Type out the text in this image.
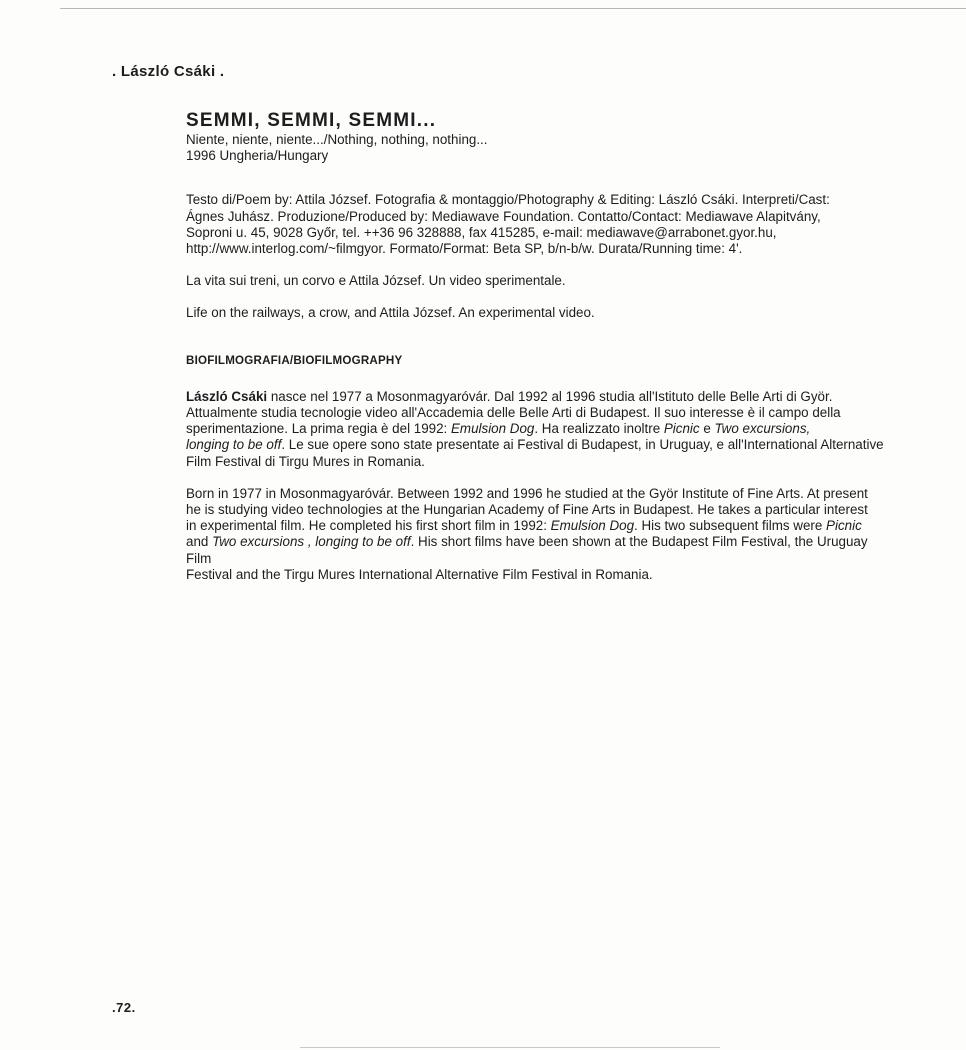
. László Csáki .
SEMMI, SEMMI, SEMMI...
Niente, niente, niente.../Nothing, nothing, nothing...
1996 Ungheria/Hungary
Testo di/Poem by: Attila József. Fotografia & montaggio/Photography & Editing: László Csáki. Interpreti/Cast:
Ágnes Juhász. Produzione/Produced by: Mediawave Foundation. Contatto/Contact: Mediawave Alapitvány,
Soproni u. 45, 9028 Győr, tel. ++36 96 328888, fax 415285, e-mail: mediawave@arrabonet.gyor.hu,
http://www.interlog.com/~filmgyor. Formato/Format: Beta SP, b/n-b/w. Durata/Running time: 4'.
La vita sui treni, un corvo e Attila József. Un video sperimentale.
Life on the railways, a crow, and Attila József. An experimental video.
BIOFILMOGRAFIA/BIOFILMOGRAPHY
László Csáki nasce nel 1977 a Mosonmagyaróvár. Dal 1992 al 1996 studia all'Istituto delle Belle Arti di Györ.
Attualmente studia tecnologie video all'Accademia delle Belle Arti di Budapest. Il suo interesse è il campo della
sperimentazione. La prima regia è del 1992: Emulsion Dog. Ha realizzato inoltre Picnic e Two excursions,
longing to be off. Le sue opere sono state presentate ai Festival di Budapest, in Uruguay, e all'International Alternative
Film Festival di Tirgu Mures in Romania.
Born in 1977 in Mosonmagyaróvár. Between 1992 and 1996 he studied at the Györ Institute of Fine Arts. At present
he is studying video technologies at the Hungarian Academy of Fine Arts in Budapest. He takes a particular interest
in experimental film. He completed his first short film in 1992: Emulsion Dog. His two subsequent films were Picnic
and Two excursions , longing to be off. His short films have been shown at the Budapest Film Festival, the Uruguay Film
Festival and the Tirgu Mures International Alternative Film Festival in Romania.
.72.
